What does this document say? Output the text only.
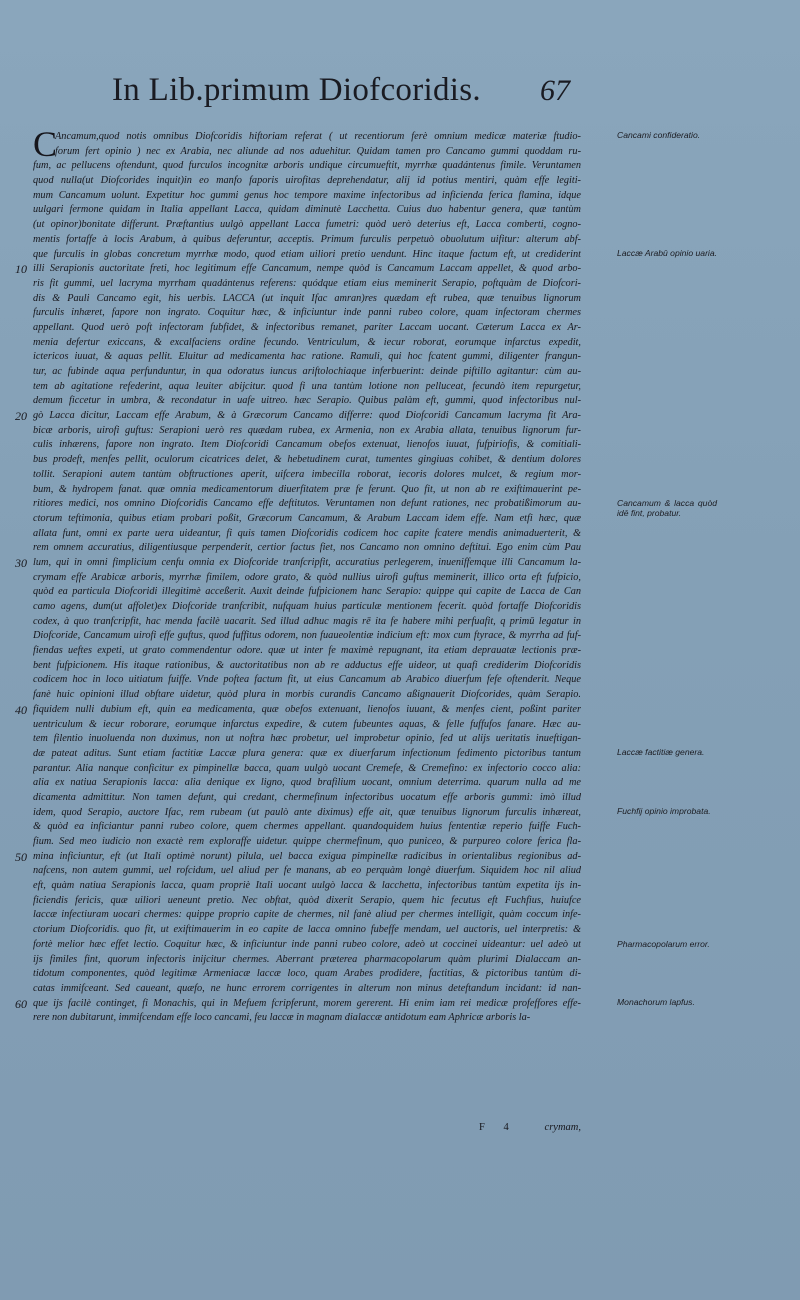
In Lib.primum Diofcoridis. 67
10
20
30
40
50
60
Cancami confideratio.
Laccæ Arabū opinio uaria.
Cancamum & lacca quòd idē fint, probatur.
Laccæ factitiæ genera.
Fuchfij opinio improbata.
Pharmacopolarum error.
Monachorum lapfus.
C
Ancamum,quod notis omnibus Diofcoridis hiftoriam referat ( ut recentiorum ferè omnium medicæ materiæ ftudio-
forum fert opinio ) nec ex Arabia, nec aliunde ad nos aduehitur. Quidam tamen pro Cancamo gummi quoddam ru-
fum, ac pellucens oftendunt, quod furculos incognitæ arboris undique circumueftit, myrrhæ quadántenus fimile. Veruntamen
quod nulla(ut Diofcorides inquit)in eo manfo faporis uirofitas deprehendatur, alij id potius mentiri, quàm effe legiti-
mum Cancamum uolunt. Expetitur hoc gummi genus hoc tempore maxime infectoribus ad inficienda ferica flamina, idque
uulgari fermone quidam in Italia appellant Lacca, quidam diminutè Lacchetta. Cuius duo habentur genera, quæ tantùm
(ut opinor)bonitate differunt. Præftantius uulgò appellant Lacca fumetri: quòd uerò deterius eft, Lacca comberti, cogno-
mentis fortaffe à locis Arabum, à quibus deferuntur, acceptis. Primum furculis perpetuò obuolutum uifitur: alterum abf-
que furculis in globas concretum myrrhæ modo, quod etiam uiliori pretio uendunt. Hinc itaque factum eft, ut crediderint
illi Serapionis auctoritate freti, hoc legitimum effe Cancamum, nempe quòd is Cancamum Laccam appellet, & quod arbo-
ris fit gummi, uel lacryma myrrham quadántenus referens: quódque etiam eius meminerit Serapio, poftquàm de Diofcori-
dis & Pauli Cancamo egit, his uerbis. LACCA (ut inquit Ifac amran)res quædam eft rubea, quæ tenuibus lignorum
furculis inhæret, fapore non ingrato. Coquitur hæc, & inficiuntur inde panni rubeo colore, quam infectoram chermes
appellant. Quod uerò poft infectoram fubfidet, & infectoribus remanet, pariter Laccam uocant. Cæterum Lacca ex Ar-
menia defertur exiccans, & excalfaciens ordine fecundo. Ventriculum, & iecur roborat, eorumque infarctus expedit,
ictericos iuuat, & aquas pellit. Eluitur ad medicamenta hac ratione. Ramuli, qui hoc fcatent gummi, diligenter frangun-
tur, ac fubinde aqua perfunduntur, in qua odoratus iuncus ariftolochiaque inferbuerint: deinde piftillo agitantur: cùm au-
tem ab agitatione refederint, aqua leuiter abijcitur. quod fi una tantùm lotione non pelluceat, fecundò item repurgetur,
demum ficcetur in umbra, & recondatur in uafe uitreo. hæc Serapio. Quibus palàm eft, gummi, quod infectoribus nul-
gò Lacca dicitur, Laccam effe Arabum, & à Græcorum Cancamo differre: quod Diofcoridi Cancamum lacryma fit Ara-
bicæ arboris, uirofi guftus: Serapioni uerò res quædam rubea, ex Armenia, non ex Arabia allata, tenuibus lignorum fur-
culis inhærens, fapore non ingrato. Item Diofcoridi Cancamum obefos extenuat, lienofos iuuat, fufpiriofis, & comitiali-
bus prodeft, menfes pellit, oculorum cicatrices delet, & hebetudinem curat, tumentes gingiuas cohibet, & dentium dolores
tollit. Serapioni autem tantùm obftructiones aperit, uifcera imbecilla roborat, iecoris dolores mulcet, & regium mor-
bum, & hydropem fanat. quæ omnia medicamentorum diuerfitatem præ fe ferunt. Quo fit, ut non ab re exiftimauerint pe-
ritiores medici, nos omnino Diofcoridis Cancamo effe deftitutos. Veruntamen non defunt rationes, nec probatißimorum au-
ctorum teftimonia, quibus etiam probari poßit, Græcorum Cancamum, & Arabum Laccam idem effe. Nam etfi hæc, quæ
allata funt, omni ex parte uera uideantur, fi quis tamen Diofcoridis codicem hoc capite fcatere mendis animaduerterit, &
rem omnem accuratius, diligentiusque perpenderit, certior factus fiet, nos Cancamo non omnino deftitui. Ego enim cùm Pau
lum, qui in omni fimplicium cenfu omnia ex Diofcoride tranfcripfit, accuratius perlegerem, inueniffemque illi Cancamum la-
crymam effe Arabicæ arboris, myrrhæ fimilem, odore grato, & quòd nullius uirofi guftus meminerit, illico orta eft fufpicio,
quòd ea particula Diofcoridi illegitimè acceßerit. Auxit deinde fufpicionem hanc Serapio: quippe qui capite de Lacca de Can
camo agens, dum(ut affolet)ex Diofcoride tranfcribit, nufquam huius particulæ mentionem fecerit. quòd fortaffe Diofcoridis
codex, à quo tranfcripfit, hac menda facilè uacarit. Sed illud adhuc magis rē ita fe habere mihi perfuafit, q primū legatur in
Diofcoride, Cancamum uirofi effe guftus, quod fuffitus odorem, non fuaueolentiæ indicium eft: mox cum ftyrace, & myrrha ad fuf-
fiendas ueftes expeti, ut grato commendentur odore. quæ ut inter fe maximè repugnant, ita etiam deprauatæ lectionis præ-
bent fufpicionem. His itaque rationibus, & auctoritatibus non ab re adductus effe uideor, ut quafi crediderim Diofcoridis
codicem hoc in loco uitiatum fuiffe. Vnde poftea factum fit, ut eius Cancamum ab Arabico diuerfum fefe oftenderit. Neque
fanè huic opinioni illud obftare uidetur, quòd plura in morbis curandis Cancamo aßignauerit Diofcorides, quàm Serapio.
fiquidem nulli dubium eft, quin ea medicamenta, quæ obefos extenuant, lienofos iuuant, & menfes cient, poßint pariter
uentriculum & iecur roborare, eorumque infarctus expedire, & cutem fubeuntes aquas, & felle fuffufos fanare. Hæc au-
tem filentio inuoluenda non duximus, non ut noftra hæc probetur, uel improbetur opinio, fed ut alijs ueritatis inueftigan-
dæ pateat aditus. Sunt etiam factitiæ Laccæ plura genera: quæ ex diuerfarum infectionum fedimento pictoribus tantum
parantur. Alia nanque conficitur ex pimpinellæ bacca, quam uulgò uocant Cremefe, & Cremefino: ex infectorio cocco alia:
alia ex natiua Serapionis lacca: alia denique ex ligno, quod brafilium uocant, omnium deterrima. quarum nulla ad me
dicamenta admittitur. Non tamen defunt, qui credant, chermefinum infectoribus uocatum effe arboris gummi: imò illud
idem, quod Serapio, auctore Ifac, rem rubeam (ut paulò ante diximus) effe ait, quæ tenuibus lignorum furculis inhæreat,
& quòd ea inficiantur panni rubeo colore, quem chermes appellant. quandoquidem huius fententiæ reperio fuiffe Fuch-
fium. Sed meo iudicio non exactè rem exploraffe uidetur. quippe chermefinum, quo puniceo, & purpureo colore ferica fla-
mina inficiuntur, eft (ut Itali optimè norunt) pilula, uel bacca exigua pimpinellæ radicibus in orientalibus regionibus ad-
nafcens, non autem gummi, uel rofcidum, uel aliud per fe manans, ab eo perquàm longè diuerfum. Siquidem hoc nil aliud
eft, quàm natiua Serapionis lacca, quam propriè Itali uocant uulgò lacca & lacchetta, infectoribus tantùm expetita ijs in-
ficiendis fericis, quæ uiliori ueneunt pretio. Nec obftat, quòd dixerit Serapio, quem hic fecutus eft Fuchfius, huiufce
laccæ infectiuram uocari chermes: quippe proprio capite de chermes, nil fanè aliud per chermes intelligit, quàm coccum infe-
ctorium Diofcoridis. quo fit, ut exiftimauerim in eo capite de lacca omnino fubeffe mendam, uel auctoris, uel interpretis: &
fortè melior hæc effet lectio. Coquitur hæc, & inficiuntur inde panni rubeo colore, adeò ut coccinei uideantur: uel adeò ut
ijs fimiles fint, quorum infectoris inijcitur chermes. Aberrant præterea pharmacopolarum quàm plurimi Dialaccam an-
tidotum componentes, quòd legitimæ Armeniacæ laccæ loco, quam Arabes prodidere, factitias, & pictoribus tantùm di-
catas immifceant. Sed caueant, quæfo, ne hunc errorem corrigentes in alterum non minus deteftandum incidant: id nan-
que ijs facilè continget, fi Monachis, qui in Mefuem fcripferunt, morem gererent. Hi enim iam rei medicæ profeffores effe-
rere non dubitarunt, immifcendam effe loco cancami, feu laccæ in magnam dialaccæ antidotum eam Aphricæ arboris la-
F 4	crymam,
